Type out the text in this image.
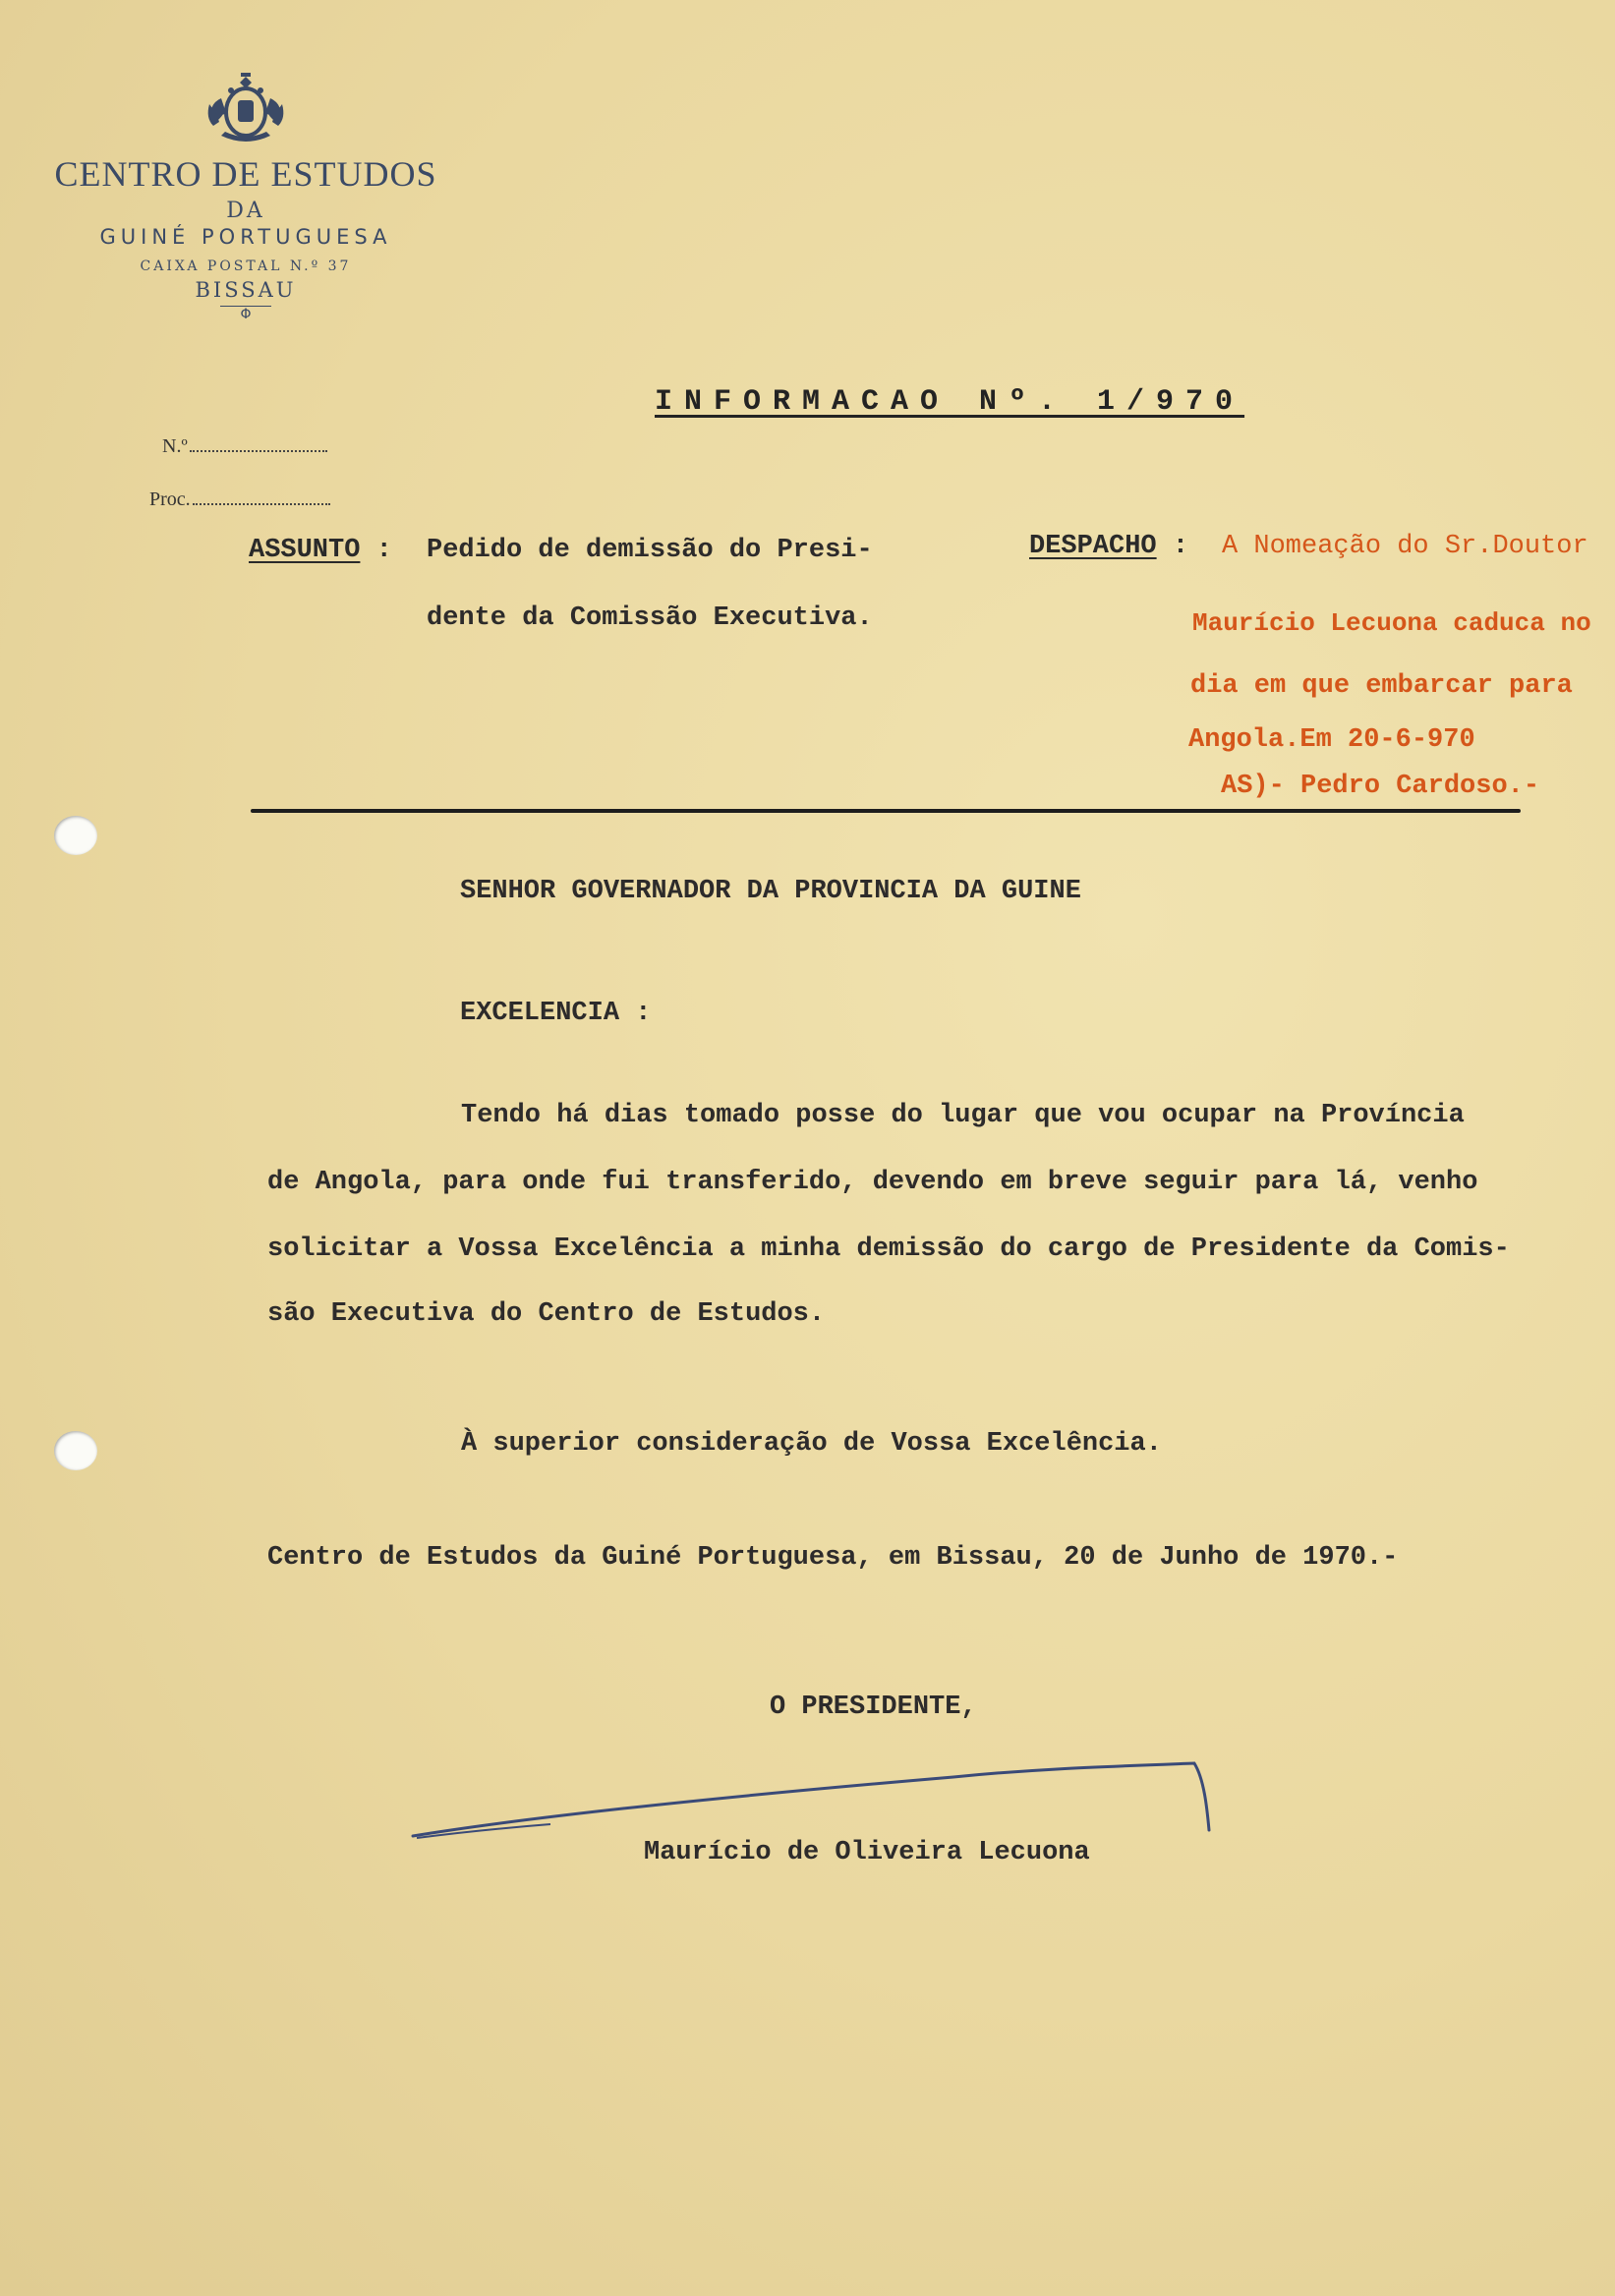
CENTRO DE ESTUDOS
DA
GUINÉ PORTUGUESA
CAIXA POSTAL N.º 37
BISSAU
Φ
N.º
Proc.
INFORMACAO Nº. 1/970
ASSUNTO : Pedido de demissão do Presi-
dente da Comissão Executiva.
DESPACHO : A Nomeação do Sr.Doutor
Maurício Lecuona caduca no
dia em que embarcar para
Angola.Em 20-6-970
AS)- Pedro Cardoso.-
SENHOR GOVERNADOR DA PROVINCIA DA GUINE
EXCELENCIA :
Tendo há dias tomado posse do lugar que vou ocupar na Província
de Angola, para onde fui transferido, devendo em breve seguir para lá, venho
solicitar a Vossa Excelência a minha demissão do cargo de Presidente da Comis-
são Executiva do Centro de Estudos.
À superior consideração de Vossa Excelência.
Centro de Estudos da Guiné Portuguesa, em Bissau, 20 de Junho de 1970.-
O PRESIDENTE,
Maurício de Oliveira Lecuona
